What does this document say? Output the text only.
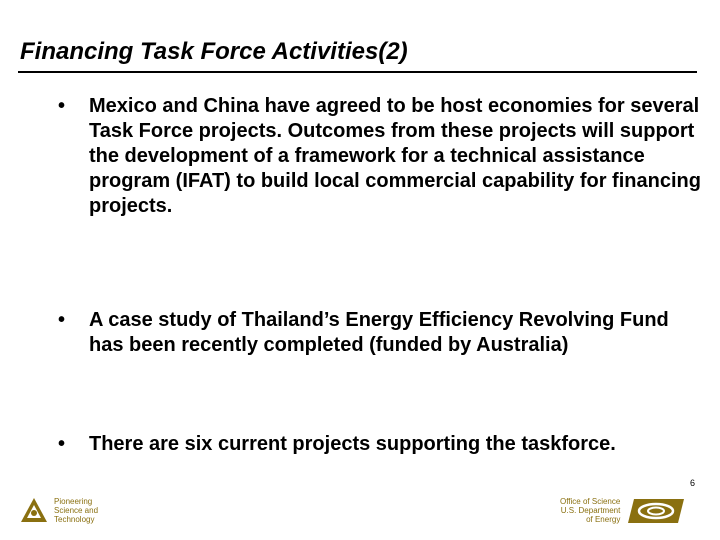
Financing Task Force Activities(2)
•	Mexico and China have agreed to be host economies for several Task Force projects. Outcomes from these projects will support the development of a framework for a technical assistance program (IFAT) to build local commercial capability for financing projects.
•	A case study of Thailand’s Energy Efficiency Revolving Fund has been recently completed (funded by Australia)
•	There are six current projects supporting the taskforce.
6
Pioneering
Science and
Technology
Office of Science
U.S. Department
of Energy
